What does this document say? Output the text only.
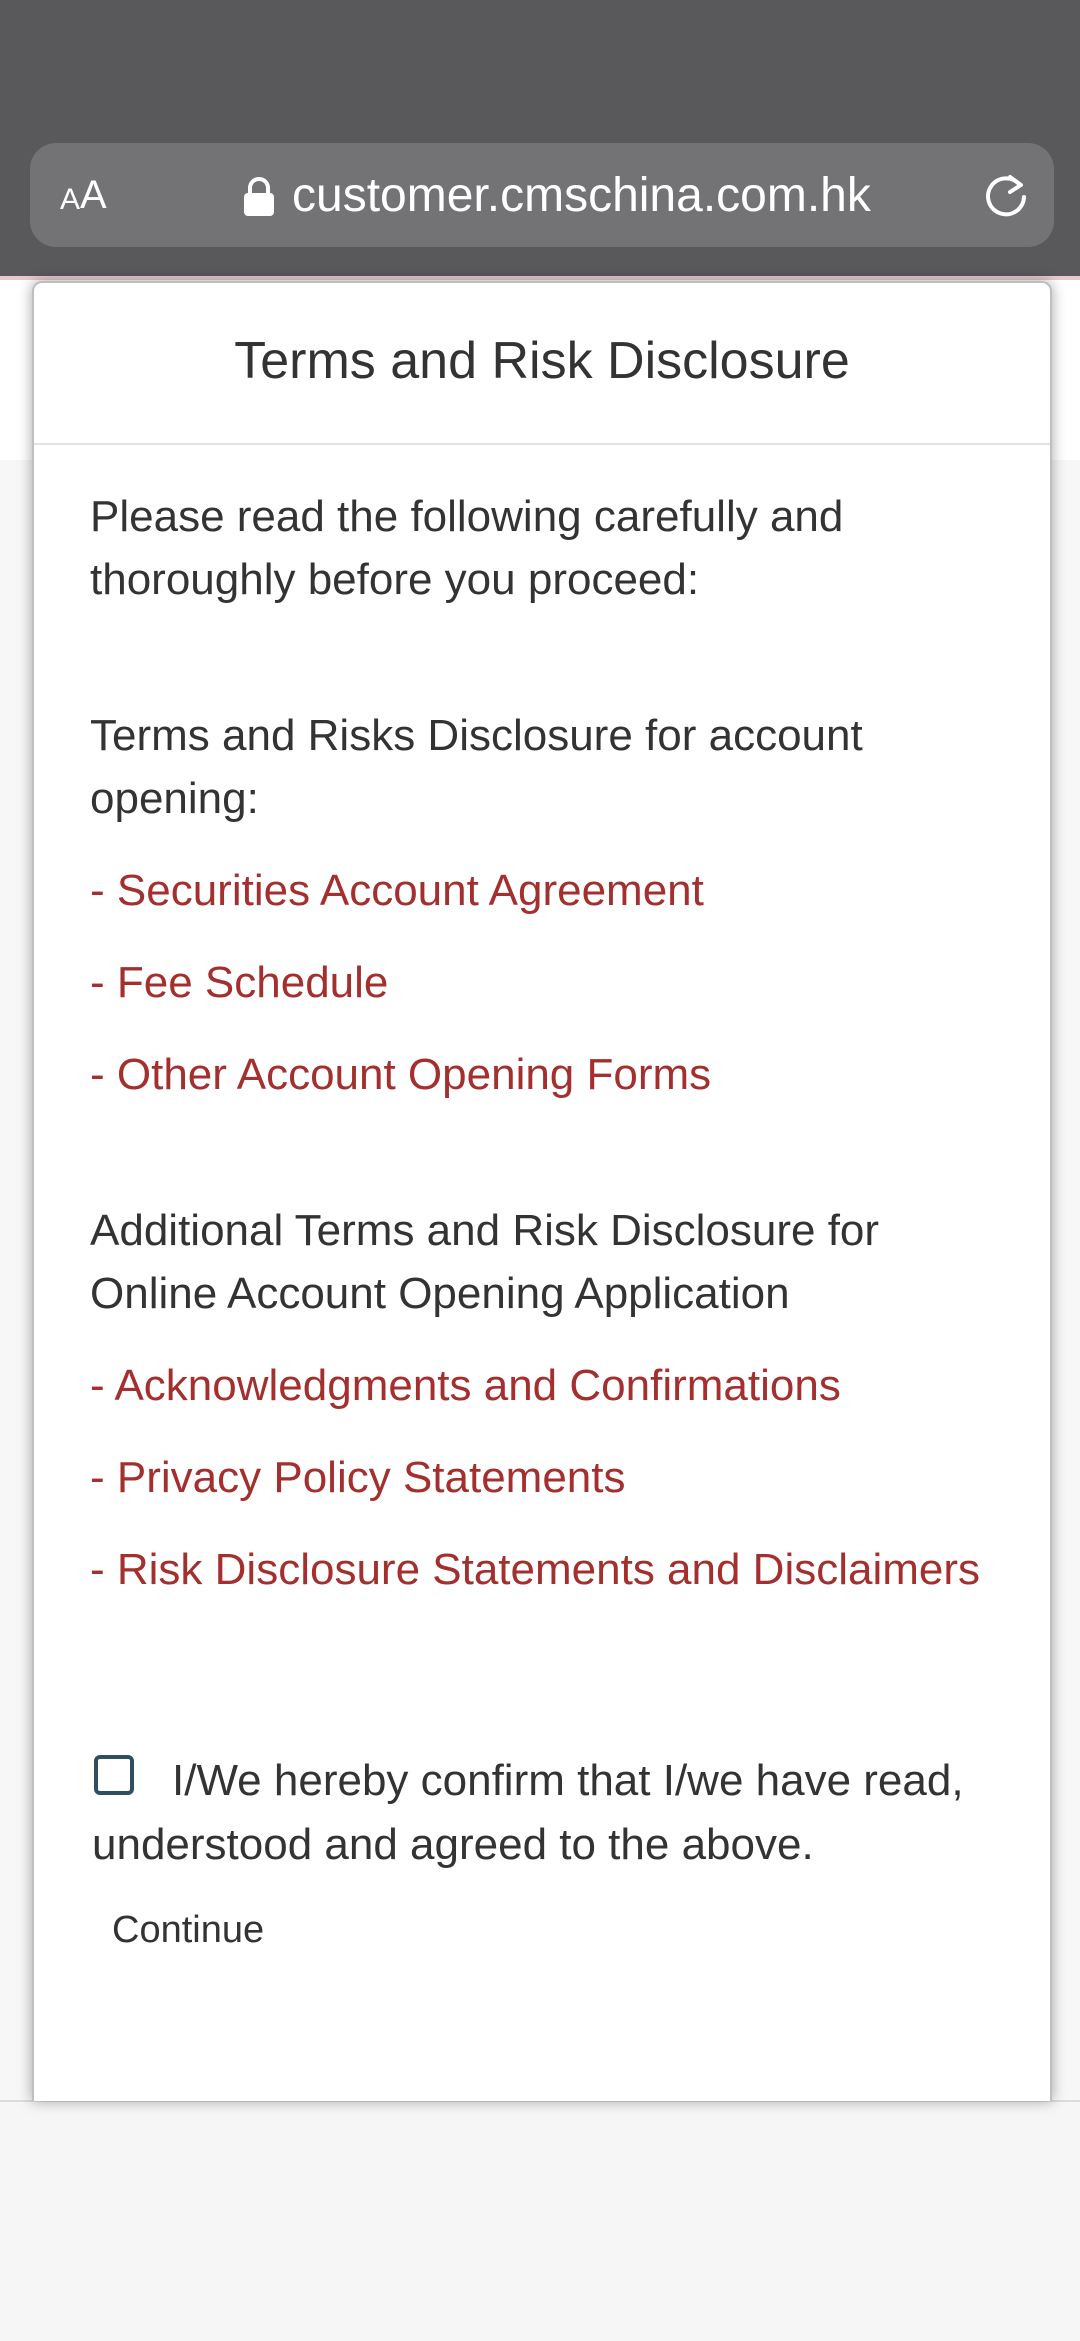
A A	customer.cmschina.com.hk
Terms and Risk Disclosure

Please read the following carefully and thoroughly before you proceed:

Terms and Risks Disclosure for account opening:

- Securities Account Agreement
- Fee Schedule
- Other Account Opening Forms

Additional Terms and Risk Disclosure for Online Account Opening Application

- Acknowledgments and Confirmations
- Privacy Policy Statements
- Risk Disclosure Statements and Disclaimers

I/We hereby confirm that I/we have read, understood and agreed to the above.

Continue
